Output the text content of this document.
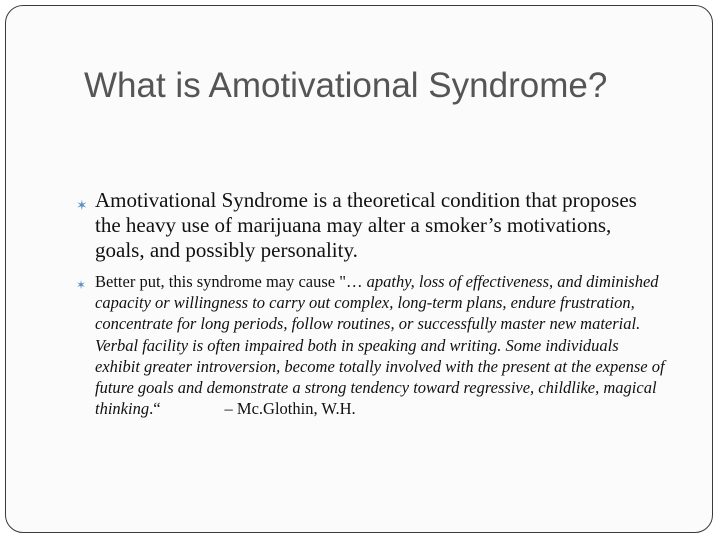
What is Amotivational Syndrome?
✶ Amotivational Syndrome is a theoretical condition that proposes the heavy use of marijuana may alter a smoker’s motivations, goals, and possibly personality.
✶ Better put, this syndrome may cause "… apathy, loss of effectiveness, and diminished capacity or willingness to carry out complex, long-term plans, endure frustration, concentrate for long periods, follow routines, or successfully master new material. Verbal facility is often impaired both in speaking and writing. Some individuals exhibit greater introversion, become totally involved with the present at the expense of future goals and demonstrate a strong tendency toward regressive, childlike, magical thinking.“	– Mc.Glothin, W.H.
